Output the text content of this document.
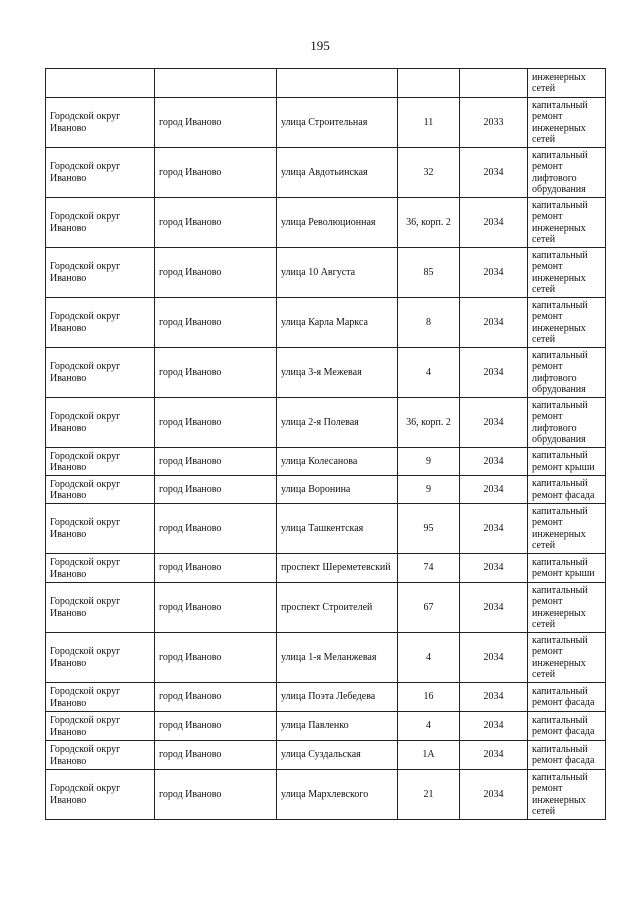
195
					инженерных сетей
Городской округ Иваново	город Иваново	улица Строительная	11	2033	капитальный ремонт инженерных сетей
Городской округ Иваново	город Иваново	улица Авдотьинская	32	2034	капитальный ремонт лифтового обрудования
Городской округ Иваново	город Иваново	улица Революционная	36, корп. 2	2034	капитальный ремонт инженерных сетей
Городской округ Иваново	город Иваново	улица 10 Августа	85	2034	капитальный ремонт инженерных сетей
Городской округ Иваново	город Иваново	улица Карла Маркса	8	2034	капитальный ремонт инженерных сетей
Городской округ Иваново	город Иваново	улица 3-я Межевая	4	2034	капитальный ремонт лифтового обрудования
Городской округ Иваново	город Иваново	улица 2-я Полевая	36, корп. 2	2034	капитальный ремонт лифтового обрудования
Городской округ Иваново	город Иваново	улица Колесанова	9	2034	капитальный ремонт крыши
Городской округ Иваново	город Иваново	улица Воронина	9	2034	капитальный ремонт фасада
Городской округ Иваново	город Иваново	улица Ташкентская	95	2034	капитальный ремонт инженерных сетей
Городской округ Иваново	город Иваново	проспект Шереметевский	74	2034	капитальный ремонт крыши
Городской округ Иваново	город Иваново	проспект Строителей	67	2034	капитальный ремонт инженерных сетей
Городской округ Иваново	город Иваново	улица 1-я Меланжевая	4	2034	капитальный ремонт инженерных сетей
Городской округ Иваново	город Иваново	улица Поэта Лебедева	16	2034	капитальный ремонт фасада
Городской округ Иваново	город Иваново	улица Павленко	4	2034	капитальный ремонт фасада
Городской округ Иваново	город Иваново	улица Суздальская	1А	2034	капитальный ремонт фасада
Городской округ Иваново	город Иваново	улица Мархлевского	21	2034	капитальный ремонт инженерных сетей
